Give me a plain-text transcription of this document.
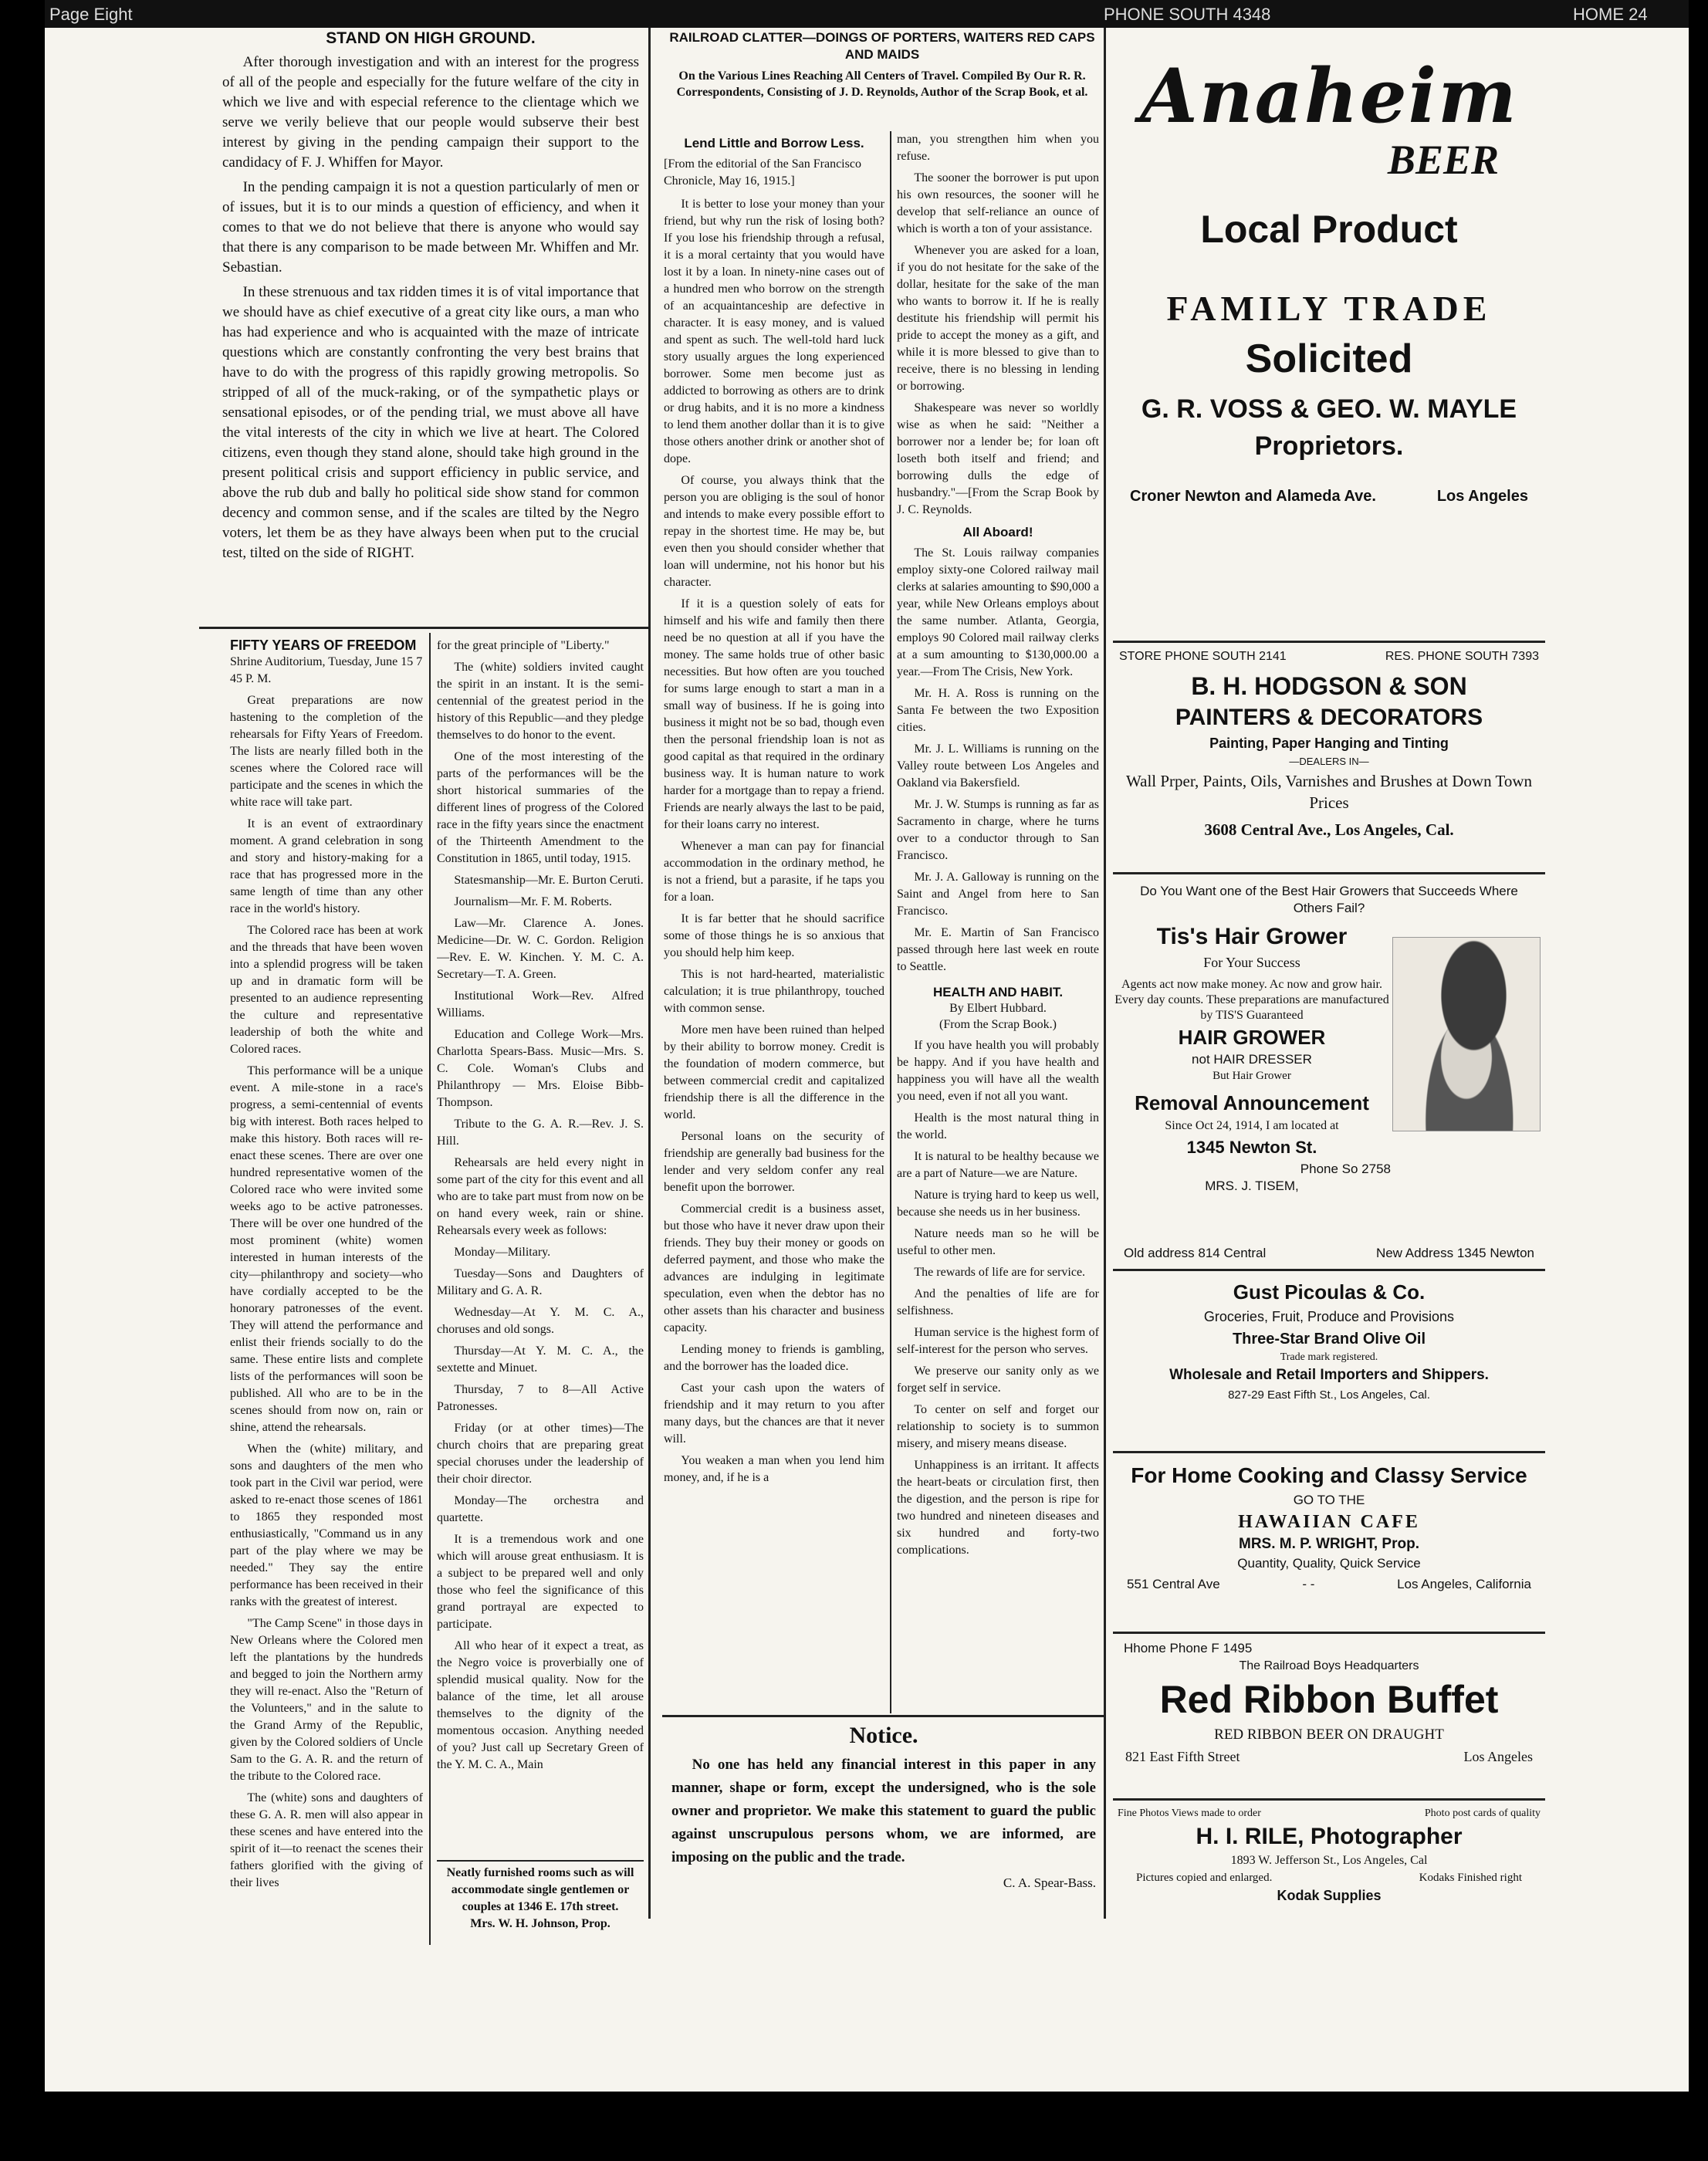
Page Eight	PHONE SOUTH 4348	HOME 24
STAND ON HIGH GROUND.

After thorough investigation and with an interest for the progress of all of the people and especially for the future welfare of the city in which we live and with especial reference to the clientage which we serve we verily believe that our people would subserve their best interest by giving in the pending campaign their support to the candidacy of F. J. Whiffen for Mayor.

In the pending campaign it is not a question particularly of men or of issues, but it is to our minds a question of efficiency, and when it comes to that we do not believe that there is anyone who would say that there is any comparison to be made between Mr. Whiffen and Mr. Sebastian.

In these strenuous and tax ridden times it is of vital importance that we should have as chief executive of a great city like ours, a man who has had experience and who is acquainted with the maze of intricate questions which are constantly confronting the very best brains that have to do with the progress of this rapidly growing metropolis. So stripped of all of the muck-raking, or of the sympathetic plays or sensational episodes, or of the pending trial, we must above all have the vital interests of the city in which we live at heart. The Colored citizens, even though they stand alone, should take high ground in the present political crisis and support efficiency in public service, and above the rub dub and bally ho political side show stand for common decency and common sense, and if the scales are tilted by the Negro voters, let them be as they have always been when put to the crucial test, tilted on the side of RIGHT.

FIFTY YEARS OF FREEDOM
Shrine Auditorium, Tuesday, June 15 7 45 P. M.

Great preparations are now hastening to the completion of the rehearsals for Fifty Years of Freedom. The lists are nearly filled both in the scenes where the Colored race will participate and the scenes in which the white race will take part.

It is an event of extraordinary moment. A grand celebration in song and story and history-making for a race that has progressed more in the same length of time than any other race in the world's history.

The Colored race has been at work and the threads that have been woven into a splendid progress will be taken up and in dramatic form will be presented to an audience representing the culture and representative leadership of both the white and Colored races.

This performance will be a unique event. A mile-stone in a race's progress, a semi-centennial of events big with interest. Both races helped to make this history. Both races will re-enact these scenes. There are over one hundred representative women of the Colored race who were invited some weeks ago to be active patronesses. There will be over one hundred of the most prominent (white) women interested in human interests of the city—philanthropy and society—who have cordially accepted to be the honorary patronesses of the event. They will attend the performance and enlist their friends socially to do the same. These entire lists and complete lists of the performances will soon be published. All who are to be in the scenes should from now on, rain or shine, attend the rehearsals.

When the (white) military, and sons and daughters of the men who took part in the Civil war period, were asked to re-enact those scenes of 1861 to 1865 they responded most enthusiastically, "Command us in any part of the play where we may be needed." They say the entire performance has been received in their ranks with the greatest of interest.

"The Camp Scene" in those days in New Orleans where the Colored men left the plantations by the hundreds and begged to join the Northern army they will re-enact. Also the "Return of the Volunteers," and in the salute to the Grand Army of the Republic, given by the Colored soldiers of Uncle Sam to the G. A. R. and the return of the tribute to the Colored race.

The (white) sons and daughters of these G. A. R. men will also appear in these scenes and have entered into the spirit of it—to reenact the scenes their fathers glorified with the giving of their lives

for the great principle of "Liberty."

The (white) soldiers invited caught the spirit in an instant. It is the semi-centennial of the greatest period in the history of this Republic—and they pledge themselves to do honor to the event.

One of the most interesting of the parts of the performances will be the short historical summaries of the different lines of progress of the Colored race in the fifty years since the enactment of the Thirteenth Amendment to the Constitution in 1865, until today, 1915.

Statesmanship—Mr. E. Burton Ceruti.

Journalism—Mr. F. M. Roberts.

Law—Mr. Clarence A. Jones. Medicine—Dr. W. C. Gordon. Religion—Rev. E. W. Kinchen. Y. M. C. A. Secretary—T. A. Green.

Institutional Work—Rev. Alfred Williams.

Education and College Work—Mrs. Charlotta Spears-Bass. Music—Mrs. S. C. Cole. Woman's Clubs and Philanthropy — Mrs. Eloise Bibb-Thompson.

Tribute to the G. A. R.—Rev. J. S. Hill.

Rehearsals are held every night in some part of the city for this event and all who are to take part must from now on be on hand every week, rain or shine. Rehearsals every week as follows:

Monday—Military.

Tuesday—Sons and Daughters of Military and G. A. R.

Wednesday—At Y. M. C. A., choruses and old songs.

Thursday—At Y. M. C. A., the sextette and Minuet.

Thursday, 7 to 8—All Active Patronesses.

Friday (or at other times)—The church choirs that are preparing great special choruses under the leadership of their choir director.

Monday—The orchestra and quartette.

It is a tremendous work and one which will arouse great enthusiasm. It is a subject to be prepared well and only those who feel the significance of this grand portrayal are expected to participate.

All who hear of it expect a treat, as the Negro voice is proverbially one of splendid musical quality. Now for the balance of the time, let all arouse themselves to the dignity of the momentous occasion. Anything needed of you? Just call up Secretary Green of the Y. M. C. A., Main

Neatly furnished rooms such as will accommodate single gentlemen or couples at 1346 E. 17th street.
Mrs. W. H. Johnson, Prop.
RAILROAD CLATTER—DOINGS OF PORTERS, WAITERS RED CAPS AND MAIDS
On the Various Lines Reaching All Centers of Travel. Compiled By Our R. R. Correspondents, Consisting of J. D. Reynolds, Author of the Scrap Book, et al.
Lend Little and Borrow Less.
[From the editorial of the San Francisco Chronicle, May 16, 1915.]

It is better to lose your money than your friend, but why run the risk of losing both? If you lose his friendship through a refusal, it is a moral certainty that you would have lost it by a loan. In ninety-nine cases out of a hundred men who borrow on the strength of an acquaintanceship are defective in character. It is easy money, and is valued and spent as such. The well-told hard luck story usually argues the long experienced borrower. Some men become just as addicted to borrowing as others are to drink or drug habits, and it is no more a kindness to lend them another dollar than it is to give those others another drink or another shot of dope.

Of course, you always think that the person you are obliging is the soul of honor and intends to make every possible effort to repay in the shortest time. He may be, but even then you should consider whether that loan will undermine, not his honor but his character.

If it is a question solely of eats for himself and his wife and family then there need be no question at all if you have the money. The same holds true of other basic necessities. But how often are you touched for sums large enough to start a man in a small way of business. If he is going into business it might not be so bad, though even then the personal friendship loan is not as good capital as that required in the ordinary business way. It is human nature to work harder for a mortgage than to repay a friend. Friends are nearly always the last to be paid, for their loans carry no interest.

Whenever a man can pay for financial accommodation in the ordinary method, he is not a friend, but a parasite, if he taps you for a loan.

It is far better that he should sacrifice some of those things he is so anxious that you should help him keep.

This is not hard-hearted, materialistic calculation; it is true philanthropy, touched with common sense.

More men have been ruined than helped by their ability to borrow money. Credit is the foundation of modern commerce, but between commercial credit and capitalized friendship there is all the difference in the world.

Personal loans on the security of friendship are generally bad business for the lender and very seldom confer any real benefit upon the borrower.

Commercial credit is a business asset, but those who have it never draw upon their friends. They buy their money or goods on deferred payment, and those who make the advances are indulging in legitimate speculation, even when the debtor has no other assets than his character and business capacity.

Lending money to friends is gambling, and the borrower has the loaded dice.

Cast your cash upon the waters of friendship and it may return to you after many days, but the chances are that it never will.

You weaken a man when you lend him money, and, if he is a

man, you strengthen him when you refuse.

The sooner the borrower is put upon his own resources, the sooner will he develop that self-reliance an ounce of which is worth a ton of your assistance.

Whenever you are asked for a loan, if you do not hesitate for the sake of the dollar, hesitate for the sake of the man who wants to borrow it. If he is really destitute his friendship will permit his pride to accept the money as a gift, and while it is more blessed to give than to receive, there is no blessing in lending or borrowing.

Shakespeare was never so worldly wise as when he said: "Neither a borrower nor a lender be; for loan oft loseth both itself and friend; and borrowing dulls the edge of husbandry."—[From the Scrap Book by J. C. Reynolds.

All Aboard!

The St. Louis railway companies employ sixty-one Colored railway mail clerks at salaries amounting to $90,000 a year, while New Orleans employs about the same number. Atlanta, Georgia, employs 90 Colored mail railway clerks at a sum amounting to $130,000.00 a year.—From The Crisis, New York.

Mr. H. A. Ross is running on the Santa Fe between the two Exposition cities.

Mr. J. L. Williams is running on the Valley route between Los Angeles and Oakland via Bakersfield.

Mr. J. W. Stumps is running as far as Sacramento in charge, where he turns over to a conductor through to San Francisco.

Mr. J. A. Galloway is running on the Saint and Angel from here to San Francisco.

Mr. E. Martin of San Francisco passed through here last week en route to Seattle.

HEALTH AND HABIT.
By Elbert Hubbard.
(From the Scrap Book.)

If you have health you will probably be happy. And if you have health and happiness you will have all the wealth you need, even if not all you want.

Health is the most natural thing in the world.

It is natural to be healthy because we are a part of Nature—we are Nature.

Nature is trying hard to keep us well, because she needs us in her business.

Nature needs man so he will be useful to other men.

The rewards of life are for service.

And the penalties of life are for selfishness.

Human service is the highest form of self-interest for the person who serves.

We preserve our sanity only as we forget self in service.

To center on self and forget our relationship to society is to summon misery, and misery means disease.

Unhappiness is an irritant. It affects the heart-beats or circulation first, then the digestion, and the person is ripe for two hundred and nineteen diseases and six hundred and forty-two complications.

Notice.

No one has held any financial interest in this paper in any manner, shape or form, except the undersigned, who is the sole owner and proprietor. We make this statement to guard the public against unscrupulous persons whom, we are informed, are imposing on the public and the trade.

C. A. Spear-Bass.
Anaheim
BEER
Local Product
FAMILY TRADE
Solicited
G. R. VOSS & GEO. W. MAYLE
Proprietors.
Croner Newton and Alameda Ave.	Los Angeles
STORE PHONE SOUTH 2141	RES. PHONE SOUTH 7393
B. H. HODGSON & SON
PAINTERS & DECORATORS
Painting, Paper Hanging and Tinting
—DEALERS IN—
Wall Prper, Paints, Oils, Varnishes and Brushes at Down Town Prices
3608 Central Ave., Los Angeles, Cal.
Do You Want one of the Best Hair Growers that Succeeds Where Others Fail?
Tis's Hair Grower
For Your Success
Agents act now make money. Ac now and grow hair. Every day counts. These preparations are manufactured by TIS'S Guaranteed
HAIR GROWER
not HAIR DRESSER
But Hair Grower
Removal Announcement
Since Oct 24, 1914, I am located at
1345 Newton St.
Phone So 2758
MRS. J. TISEM,
Old address 814 Central	New Address 1345 Newton
Gust Picoulas & Co.
Groceries, Fruit, Produce and Provisions
Three-Star Brand Olive Oil
Trade mark registered.
Wholesale and Retail Importers and Shippers.
827-29 East Fifth St., Los Angeles, Cal.
For Home Cooking and Classy Service
GO TO THE
HAWAIIAN CAFE
MRS. M. P. WRIGHT, Prop.
Quantity, Quality, Quick Service
551 Central Ave	- -	Los Angeles, California
Hhome Phone F 1495
The Railroad Boys Headquarters
Red Ribbon Buffet
RED RIBBON BEER ON DRAUGHT
821 East Fifth Street	Los Angeles
Fine Photos Views made to order	Photo post cards of quality
H. I. RILE, Photographer
1893 W. Jefferson St., Los Angeles, Cal
Pictures copied and enlarged.	Kodaks Finished right
Kodak Supplies
